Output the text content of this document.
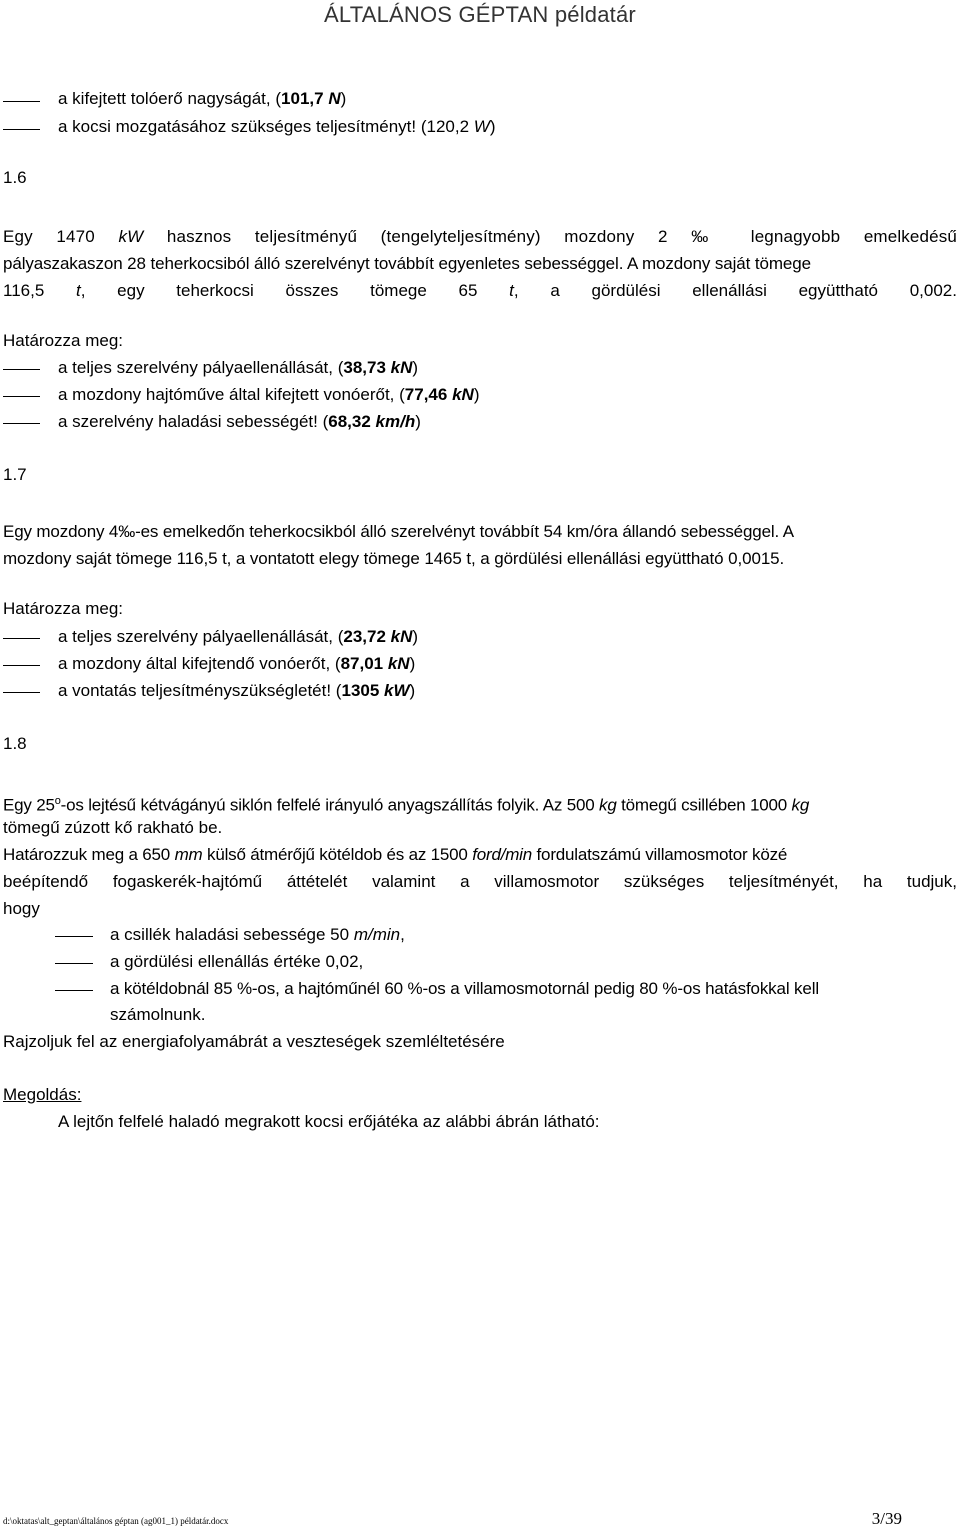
ÁLTALÁNOS GÉPTAN példatár
a kifejtett tolóerő nagyságát, (101,7 N)
a kocsi mozgatásához szükséges teljesítményt! (120,2 W)
1.6
Egy 1470 kW hasznos teljesítményű (tengelyteljesítmény) mozdony 2 ‰ legnagyobb emelkedésű
pályaszakaszon 28 teherkocsiból álló szerelvényt továbbít egyenletes sebességgel. A mozdony saját tömege
116,5 t, egy teherkocsi összes tömege 65 t, a gördülési ellenállási együttható 0,002.
Határozza meg:
a teljes szerelvény pályaellenállását, (38,73 kN)
a mozdony hajtóműve által kifejtett vonóerőt, (77,46 kN)
a szerelvény haladási sebességét! (68,32 km/h)
1.7
Egy mozdony 4‰-es emelkedőn teherkocsikból álló szerelvényt továbbít 54 km/óra állandó sebességgel. A
mozdony saját tömege 116,5 t, a vontatott elegy tömege 1465 t, a gördülési ellenállási együttható 0,0015.
Határozza meg:
a teljes szerelvény pályaellenállását, (23,72 kN)
a mozdony által kifejtendő vonóerőt, (87,01 kN)
a vontatás teljesítményszükségletét! (1305 kW)
1.8
Egy 25$^o$-os lejtésű kétvágányú siklón felfelé irányuló anyagszállítás folyik. Az 500 kg tömegű csillében 1000 kg
tömegű zúzott kő rakható be.
Határozzuk meg a 650 mm külső átmérőjű kötéldob és az 1500 ford/min fordulatszámú villamosmotor közé
beépítendő fogaskerék-hajtómű áttételét valamint a villamosmotor szükséges teljesítményét, ha tudjuk,
hogy
a csillék haladási sebessége 50 m/min,
a gördülési ellenállás értéke 0,02,
a kötéldobnál 85 %-os, a hajtóműnél 60 %-os a villamosmotornál pedig 80 %-os hatásfokkal kell
számolnunk.
Rajzoljuk fel az energiafolyamábrát a veszteségek szemléltetésére
Megoldás:
A lejtőn felfelé haladó megrakott kocsi erőjátéka az alábbi ábrán látható:
d:\oktatas\alt_geptan\általános géptan (ag001_1) példatár.docx	3/39
